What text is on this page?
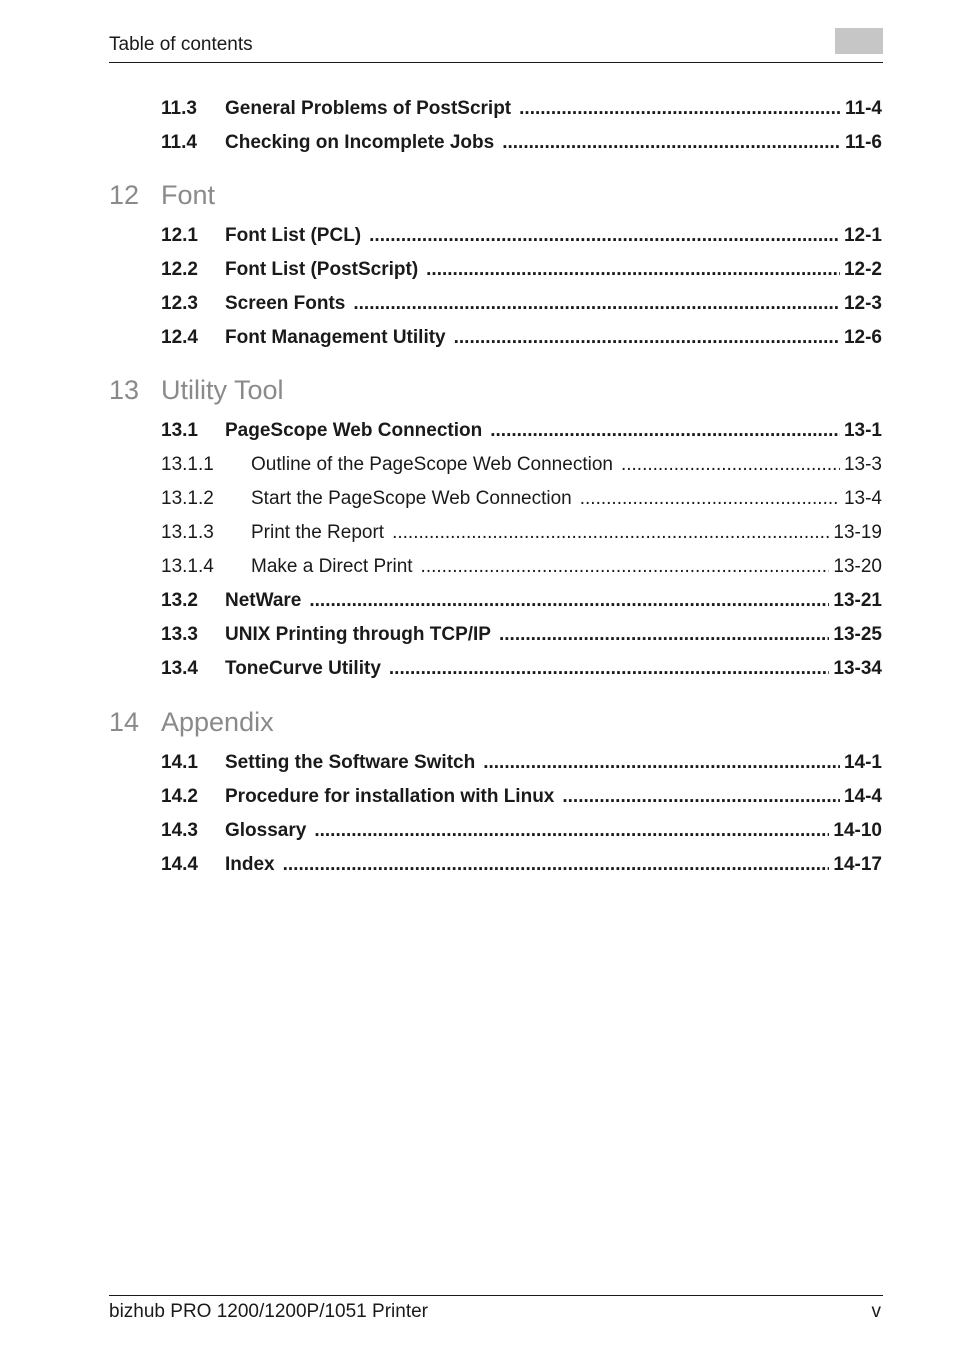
Table of contents
11.3	General Problems of PostScript .....	11-4
11.4	Checking on Incomplete Jobs .....	11-6
12 Font
12.1	Font List (PCL) .....	12-1
12.2	Font List (PostScript) .....	12-2
12.3	Screen Fonts .....	12-3
12.4	Font Management Utility .....	12-6
13 Utility Tool
13.1	PageScope Web Connection .....	13-1
13.1.1	Outline of the PageScope Web Connection .....	13-3
13.1.2	Start the PageScope Web Connection .....	13-4
13.1.3	Print the Report .....	13-19
13.1.4	Make a Direct Print .....	13-20
13.2	NetWare .....	13-21
13.3	UNIX Printing through TCP/IP .....	13-25
13.4	ToneCurve Utility .....	13-34
14 Appendix
14.1	Setting the Software Switch .....	14-1
14.2	Procedure for installation with Linux .....	14-4
14.3	Glossary .....	14-10
14.4	Index .....	14-17
bizhub PRO 1200/1200P/1051 Printer	v
